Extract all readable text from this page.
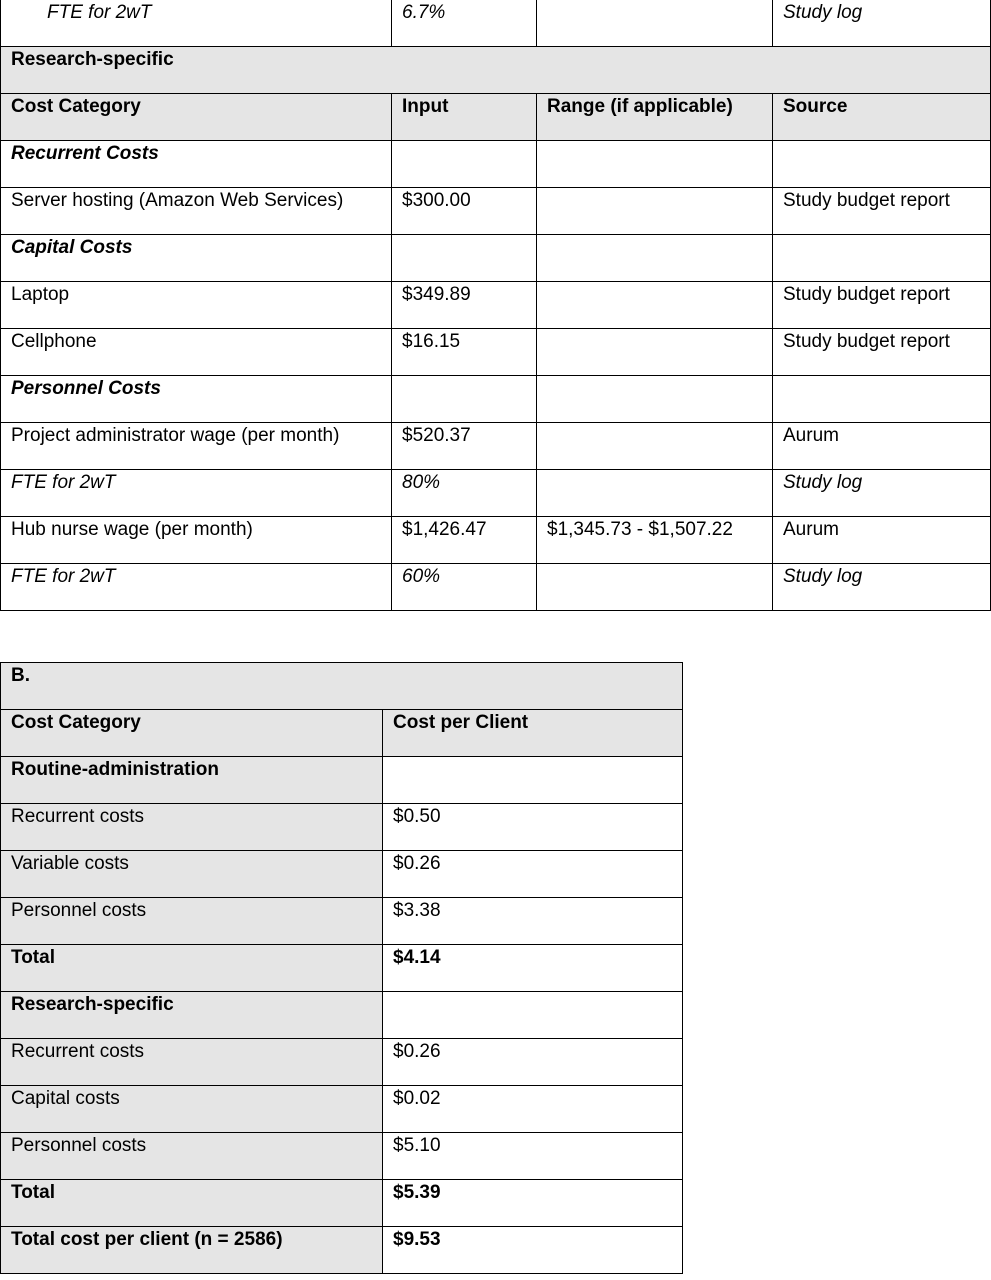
FTE for 2wT	6.7%		Study log
Research-specific			
Cost Category	Input	Range (if applicable)	Source
Recurrent Costs			
Server hosting (Amazon Web Services)	$300.00		Study budget report
Capital Costs			
Laptop	$349.89		Study budget report
Cellphone	$16.15		Study budget report
Personnel Costs			
Project administrator wage (per month)	$520.37		Aurum
FTE for 2wT	80%		Study log
Hub nurse wage (per month)	$1,426.47	$1,345.73 - $1,507.22	Aurum
FTE for 2wT	60%		Study log
B.	
Cost Category	Cost per Client
Routine-administration	
Recurrent costs	$0.50
Variable costs	$0.26
Personnel costs	$3.38
Total	$4.14
Research-specific	
Recurrent costs	$0.26
Capital costs	$0.02
Personnel costs	$5.10
Total	$5.39
Total cost per client (n = 2586)	$9.53
